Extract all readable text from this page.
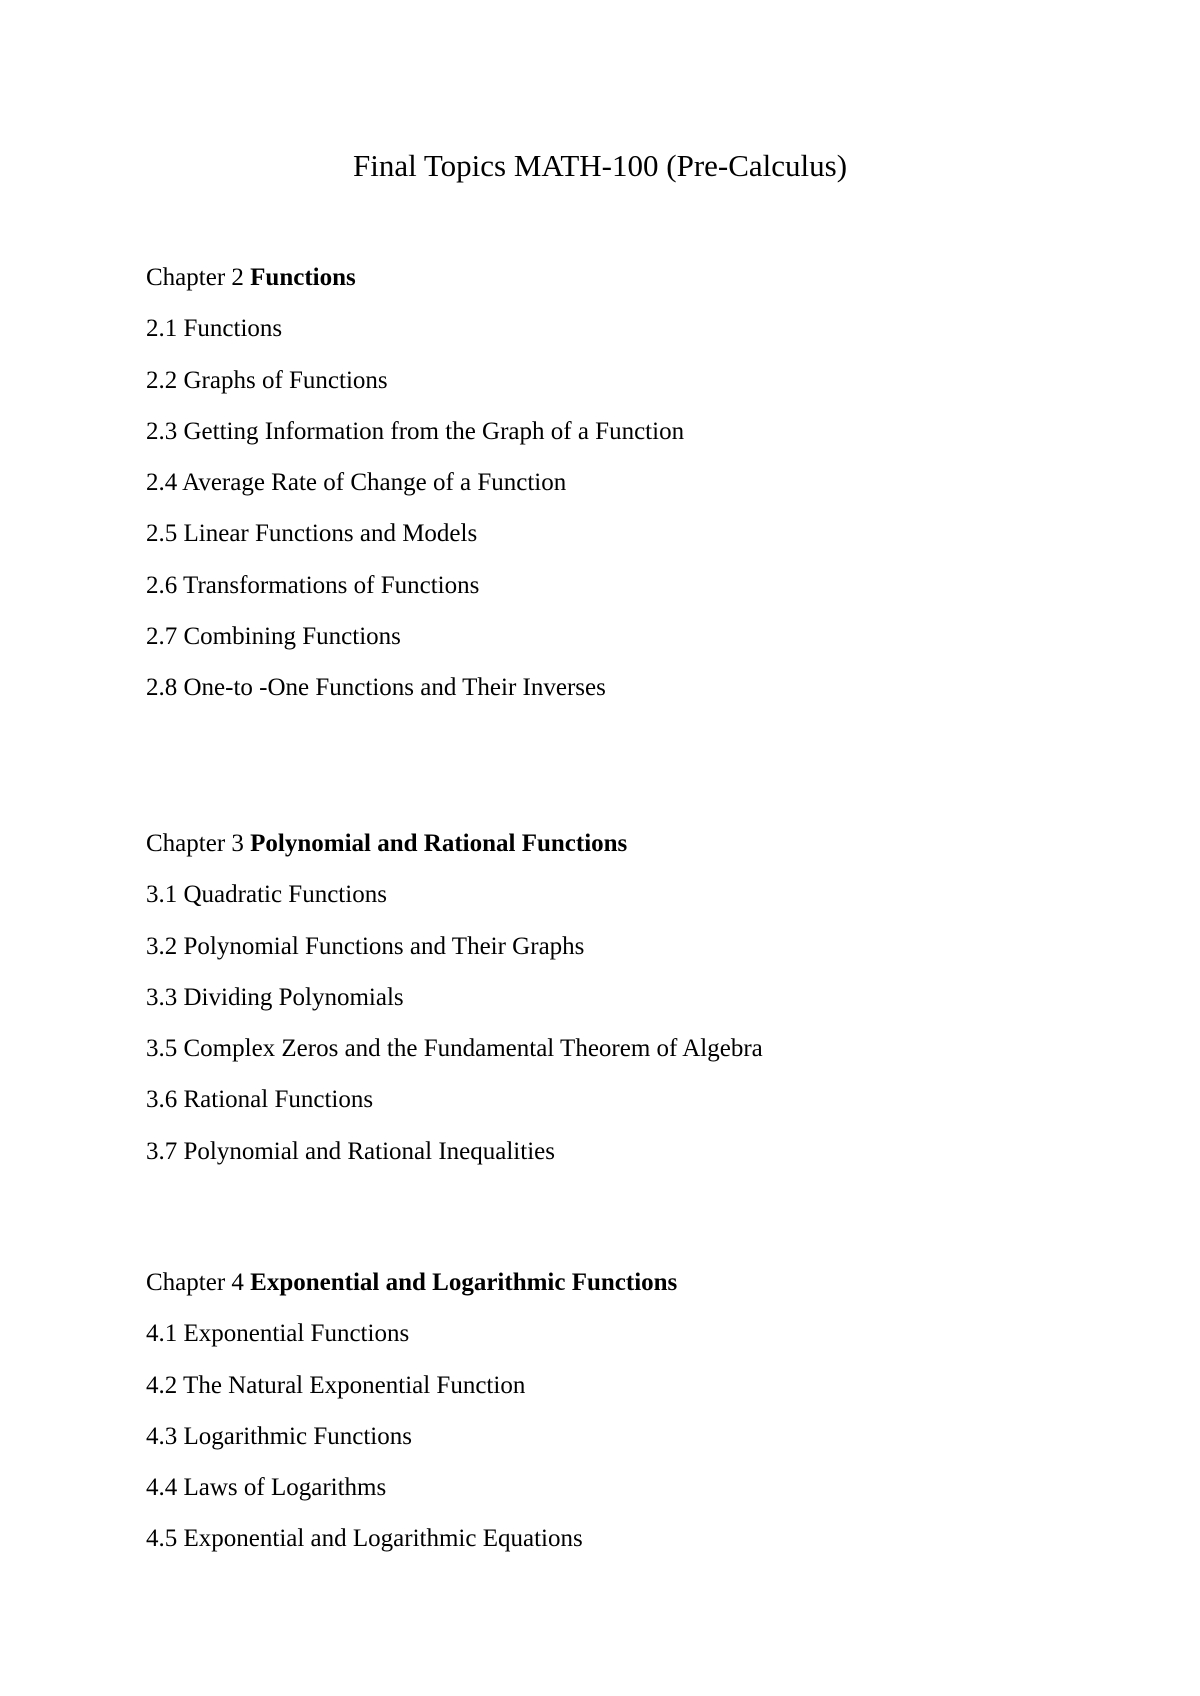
Final Topics MATH-100 (Pre-Calculus)
Chapter 2 Functions
2.1 Functions
2.2 Graphs of Functions
2.3 Getting Information from the Graph of a Function
2.4 Average Rate of Change of a Function
2.5 Linear Functions and Models
2.6 Transformations of Functions
2.7 Combining Functions
2.8 One-to -One Functions and Their Inverses
Chapter 3 Polynomial and Rational Functions
3.1 Quadratic Functions
3.2 Polynomial Functions and Their Graphs
3.3 Dividing Polynomials
3.5 Complex Zeros and the Fundamental Theorem of Algebra
3.6 Rational Functions
3.7 Polynomial and Rational Inequalities
Chapter 4 Exponential and Logarithmic Functions
4.1 Exponential Functions
4.2 The Natural Exponential Function
4.3 Logarithmic Functions
4.4 Laws of Logarithms
4.5 Exponential and Logarithmic Equations
